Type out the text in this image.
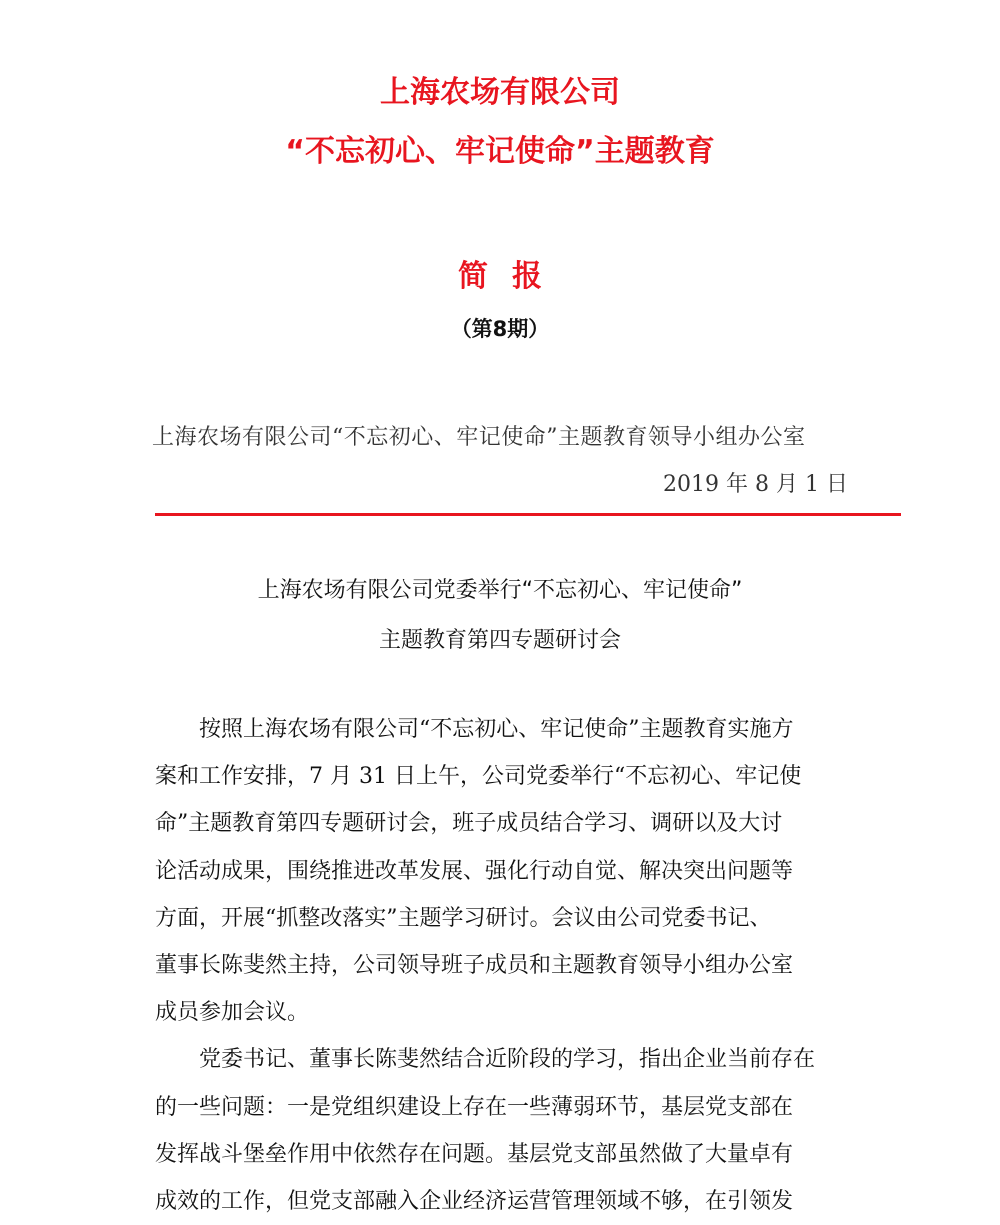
上海农场有限公司
“不忘初心、牢记使命”主题教育
简报
（第8期）
上海农场有限公司“不忘初心、牢记使命”主题教育领导小组办公室
2019 年 8 月 1 日
上海农场有限公司党委举行“不忘初心、牢记使命”
主题教育第四专题研讨会
　　按照上海农场有限公司“不忘初心、牢记使命”主题教育实施方
案和工作安排，7 月 31 日上午，公司党委举行“不忘初心、牢记使
命”主题教育第四专题研讨会，班子成员结合学习、调研以及大讨
论活动成果，围绕推进改革发展、强化行动自觉、解决突出问题等
方面，开展“抓整改落实”主题学习研讨。会议由公司党委书记、
董事长陈斐然主持，公司领导班子成员和主题教育领导小组办公室
成员参加会议。
　　党委书记、董事长陈斐然结合近阶段的学习，指出企业当前存在
的一些问题：一是党组织建设上存在一些薄弱环节，基层党支部在
发挥战斗堡垒作用中依然存在问题。基层党支部虽然做了大量卓有
成效的工作，但党支部融入企业经济运营管理领域不够，在引领发
